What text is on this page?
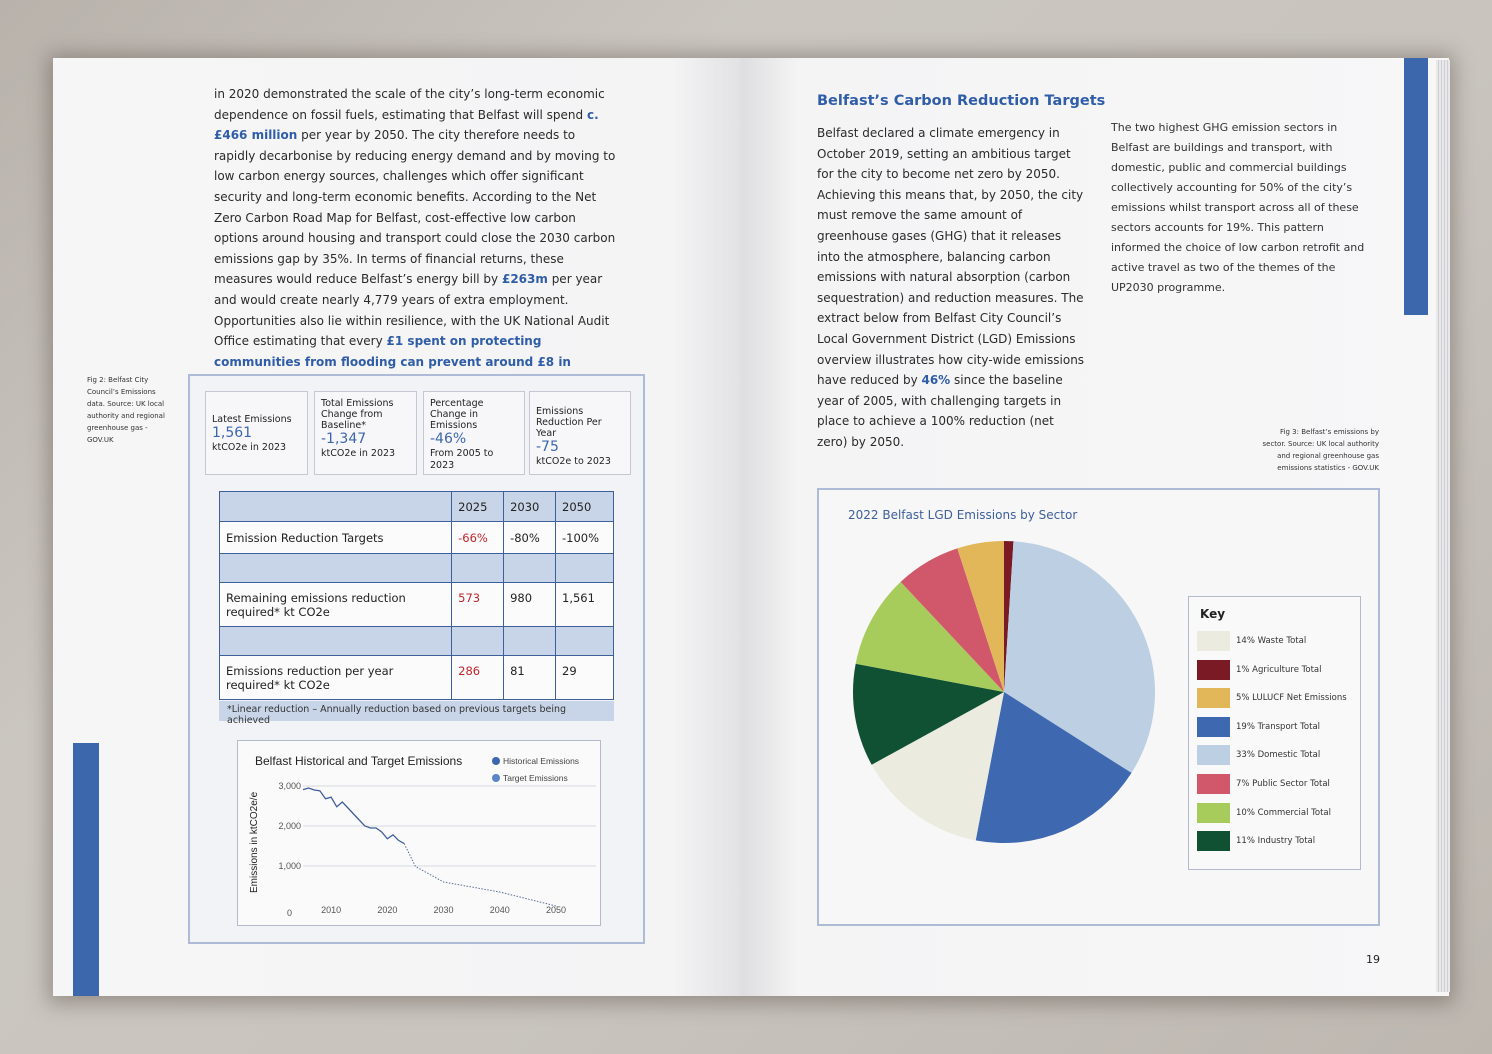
in 2020 demonstrated the scale of the city’s long-term economic dependence on fossil fuels, estimating that Belfast will spend c.£466 million per year by 2050. The city therefore needs to rapidly decarbonise by reducing energy demand and by moving to low carbon energy sources, challenges which offer significant security and long-term economic benefits. According to the Net Zero Carbon Road Map for Belfast, cost-effective low carbon options around housing and transport could close the 2030 carbon emissions gap by 35%. In terms of financial returns, these measures would reduce Belfast’s energy bill by £263m per year and would create nearly 4,779 years of extra employment. Opportunities also lie within resilience, with the UK National Audit Office estimating that every £1 spent on protecting communities from flooding can prevent around £8 in
Fig 2: Belfast City Council’s Emissions data. Source: UK local authority and regional greenhouse gas - GOV.UK
Latest Emissions
1,561
ktCO2e in 2023
Total Emissions Change from Baseline*
-1,347
ktCO2e in 2023
Percentage Change in Emissions
-46%
From 2005 to 2023
Emissions Reduction Per Year
-75
ktCO2e to 2023
	2025	2030	2050
Emission Reduction Targets	-66%	-80%	-100%

Remaining emissions reduction required* kt CO2e	573	980	1,561

Emissions reduction per year required* kt CO2e	286	81	29
*Linear reduction – Annually reduction based on previous targets being achieved
Belfast Historical and Target Emissions	Historical Emissions
Target Emissions
Emissions in ktCO2e/e
0
1,000
2,000
3,000
2010	2020	2030	2040	2050
Belfast’s Carbon Reduction Targets
Belfast declared a climate emergency in October 2019, setting an ambitious target for the city to become net zero by 2050. Achieving this means that, by 2050, the city must remove the same amount of greenhouse gases (GHG) that it releases into the atmosphere, balancing carbon emissions with natural absorption (carbon sequestration) and reduction measures. The extract below from Belfast City Council’s Local Government District (LGD) Emissions overview illustrates how city-wide emissions have reduced by 46% since the baseline year of 2005, with challenging targets in place to achieve a 100% reduction (net zero) by 2050.
The two highest GHG emission sectors in Belfast are buildings and transport, with domestic, public and commercial buildings collectively accounting for 50% of the city’s emissions whilst transport across all of these sectors accounts for 19%. This pattern informed the choice of low carbon retrofit and active travel as two of the themes of the UP2030 programme.
Fig 3: Belfast’s emissions by sector. Source: UK local authority and regional greenhouse gas emissions statistics - GOV.UK
2022 Belfast LGD Emissions by Sector
Key
14% Waste Total
1% Agriculture Total
5% LULUCF Net Emissions
19% Transport Total
33% Domestic Total
7% Public Sector Total
10% Commercial Total
11% Industry Total
19
